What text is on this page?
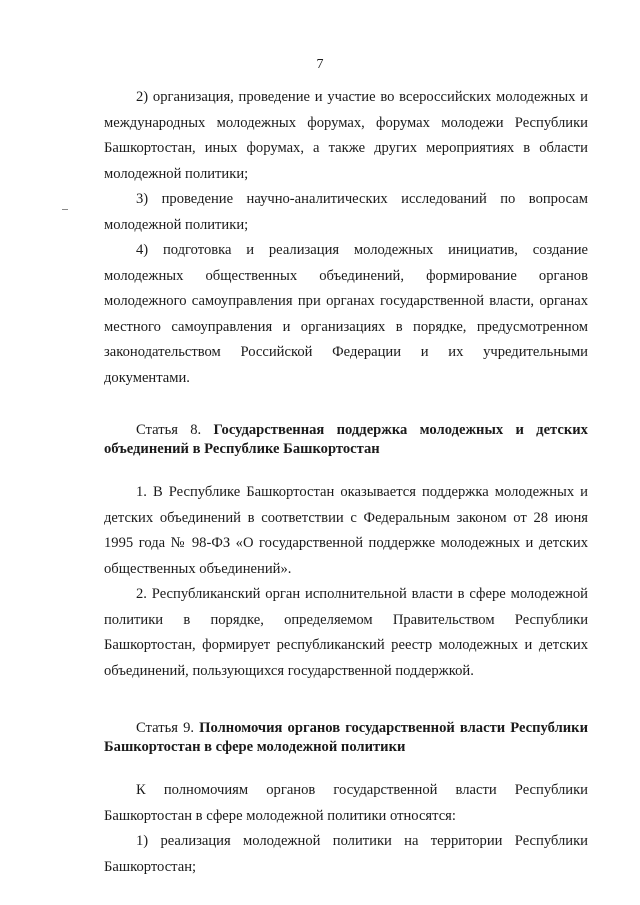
7

2) организация, проведение и участие во всероссийских молодежных и международных молодежных форумах, форумах молодежи Республики Башкортостан, иных форумах, а также других мероприятиях в области молодежной политики;

3) проведение научно-аналитических исследований по вопросам молодежной политики;

4) подготовка и реализация молодежных инициатив, создание молодежных общественных объединений, формирование органов молодежного самоуправления при органах государственной власти, органах местного самоуправления и организациях в порядке, предусмотренном законодательством Российской Федерации и их учредительными документами.

Статья 8. Государственная поддержка молодежных и детских объединений в Республике Башкортостан

1. В Республике Башкортостан оказывается поддержка молодежных и детских объединений в соответствии с Федеральным законом от 28 июня 1995 года № 98-ФЗ «О государственной поддержке молодежных и детских общественных объединений».

2. Республиканский орган исполнительной власти в сфере молодежной политики в порядке, определяемом Правительством Республики Башкортостан, формирует республиканский реестр молодежных и детских объединений, пользующихся государственной поддержкой.

Статья 9. Полномочия органов государственной власти Республики Башкортостан в сфере молодежной политики

К полномочиям органов государственной власти Республики Башкортостан в сфере молодежной политики относятся:

1) реализация молодежной политики на территории Республики Башкортостан;
